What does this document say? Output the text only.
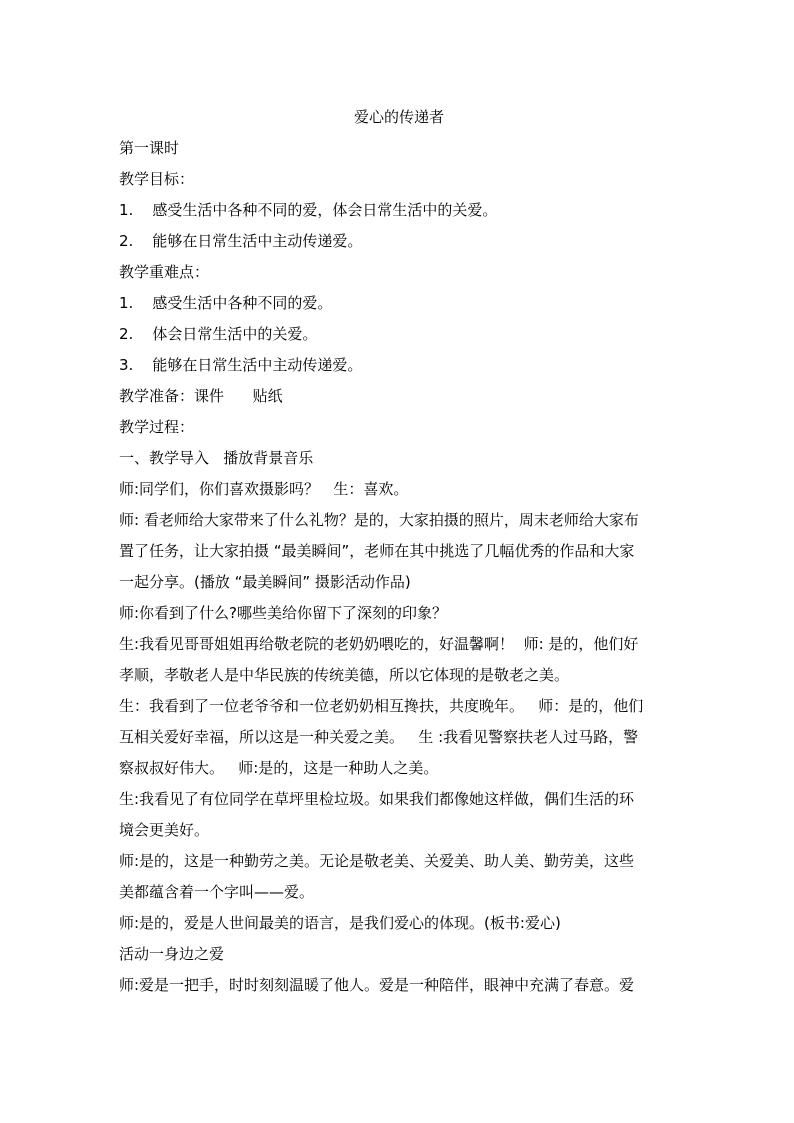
爱心的传递者

第一课时

教学目标：

1.    感受生活中各种不同的爱，体会日常生活中的关爱。

2.    能够在日常生活中主动传递爱。

教学重难点：

1.    感受生活中各种不同的爱。

2.    体会日常生活中的关爱。

3.    能够在日常生活中主动传递爱。

教学准备：课件      贴纸

教学过程：

一、教学导入   播放背景音乐

师:同学们，你们喜欢摄影吗？   生：喜欢。

师: 看老师给大家带来了什么礼物？是的，大家拍摄的照片，周末老师给大家布

置了任务，让大家拍摄 “最美瞬间”，老师在其中挑选了几幅优秀的作品和大家

一起分享。(播放 “最美瞬间” 摄影活动作品)

师:你看到了什么?哪些美给你留下了深刻的印象？

生:我看见哥哥姐姐再给敬老院的老奶奶喂吃的，好温馨啊！  师: 是的，他们好

孝顺，孝敬老人是中华民族的传统美德，所以它体现的是敬老之美。

生：我看到了一位老爷爷和一位老奶奶相互搀扶，共度晚年。   师：是的，他们

互相关爱好幸福，所以这是一种关爱之美。   生 :我看见警察扶老人过马路，警

察叔叔好伟大。   师:是的，这是一种助人之美。

生:我看见了有位同学在草坪里检垃圾。如果我们都像她这样做，偶们生活的环

境会更美好。

师:是的，这是一种勤劳之美。无论是敬老美、关爱美、助人美、勤劳美，这些

美都蕴含着一个字叫——爱。

师:是的，爱是人世间最美的语言，是我们爱心的体现。(板书:爱心)

活动一身边之爱

师:爱是一把手，时时刻刻温暖了他人。爱是一种陪伴，眼神中充满了春意。爱
